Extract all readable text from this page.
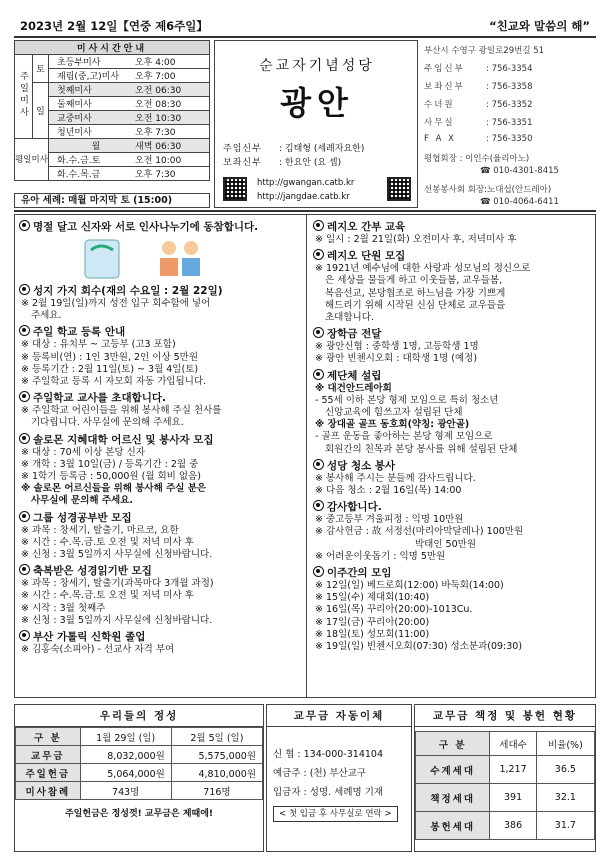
2023년 2월 12일【연중 제6주일】	“친교와 말씀의 해”
미사시간안내		
주일미사	토	초등부미사 오후 4:00
		재림(중,고)미사 오후 7:00
	일	첫째미사 오전 06:30
		둘째미사 오전 08:30
		교중미사 오전 10:30
		청년미사 오후 7:30
평일미사		월 새벽 06:30
		화.수.금.토 오전 10:00
		화.수.목.금 오후 7:30
유아 세례: 매월 마지막 토 (15:00)
순교자기념성당
광안
주임신부 : 김태형 (세례자요한)
보좌신부 : 한요안 (요 셉)
http://gwangan.catb.kr
http://jangdae.catb.kr
부산시 수영구 광일로29번길 51
주임신부 : 756-3354
보좌신부 : 756-3358
수녀원	: 756-3352
사무실	: 756-3351
F A X	: 756-3350
평협회장 : 이인수(율리아노)
☎ 010-4301-8415
선봉봉사회 회장:노대섭(안드레아)
☎ 010-4064-6411
명절 달고 신자와 서로 인사나누기에 동참합니다.
성지 가지 회수(재의 수요일 : 2월 22일)
※ 2월 19일(일)까지 성전 입구 회수함에 넣어
주세요.
주일 학교 등록 안내
※ 대상 : 유치부 ~ 고등부 (고3 포함)
※ 등록비(연) : 1인 3만원, 2인 이상 5만원
※ 등록기간 : 2월 11일(토) ~ 3월 4일(토)
※ 주일학교 등록 시 자모회 자동 가입됩니다.
주일학교 교사를 초대합니다.
※ 주일학교 어린이들을 위해 봉사해 주실 천사를
기다립니다. 사무실에 문의해 주세요.
솔로몬 지혜대학 어르신 및 봉사자 모집
※ 대상 : 70세 이상 본당 신자
※ 개학 : 3월 10일(금) / 등록기간 : 2월 중
※ 1학기 등록금 : 50,000원 (월 회비 없음)
※ 솔로몬 어르신들을 위해 봉사해 주실 분은
사무실에 문의해 주세요.
그룹 성경공부반 모집
※ 과목 : 창세기, 탈출기, 마르코, 요한
※ 시간 : 수.목.금.토 오전 및 저녁 미사 후
※ 신청 : 3월 5일까지 사무실에 신청바랍니다.
축복받은 성경읽기반 모집
※ 과목 : 창세기, 탈출기(과목마다 3개월 과정)
※ 시간 : 수.목.금.토 오전 및 저녁 미사 후
※ 시작 : 3월 첫째주
※ 신청 : 3월 5일까지 사무실에 신청바랍니다.
부산 가톨릭 신학원 졸업
※ 김홍숙(소피아) - 선교사 자격 부여
레지오 간부 교육
※ 일시 : 2월 21일(화) 오전미사 후, 저녁미사 후
레지오 단원 모집
※ 1921년 예수님에 대한 사랑과 성모님의 정신으로
은 세상을 물들게 하고 이웃들봄, 교우들봄,
복음선교, 본당협조로 하느님을 가장 기쁘게
해드리기 위해 시작된 신심 단체로 교우들을
초대합니다.
장학금 전달
※ 광안신협 : 중학생 1명, 고등학생 1명
※ 광안 빈첸시오회 : 대학생 1명 (예정)
제단체 설립
※ 대건안드레아회
- 55세 이하 본당 형제 모임으로 특히 청소년
신앙교육에 힘쓰고자 설립된 단체
※ 장대골 골프 동호회(약칭: 광안골)
- 골프 운동을 좋아하는 본당 형제 모임으로
회원간의 친목과 본당 봉사를 위해 설립된 단체
성당 청소 봉사
※ 봉사해 주시는 분들께 감사드립니다.
※ 다음 청소 : 2월 16일(목) 14:00
감사합니다.
※ 중고등부 겨울피정 : 익명 10만원
※ 감사헌금 : 故 서정선(마리아막달레나) 100만원
박태인 50만원
※ 어려운이웃돕기 : 익명 5만원
이주간의 모임
※ 12일(일) 베드로회(12:00) 바둑회(14:00)
※ 15일(수) 제대회(10:40)
※ 16일(목) 꾸리아(20:00)-1013Cu.
※ 17일(금) 꾸리아(20:00)
※ 18일(토) 성모회(11:00)
※ 19일(일) 빈첸시오회(07:30) 성소분과(09:30)
우리들의 정성
구 분	1월 29일 (일)	2월 5일 (일)
교무금	8,032,000원	5,575,000원
주일헌금	5,064,000원	4,810,000원
미사참례	743명	716명
주일헌금은 정성껏! 교무금은 제때에!
교무금 자동이체
신 협 : 134-000-314104
예금주 : (천) 부산교구
입금자 : 성명. 세례명 기재
< 첫 입금 후 사무실로 연락 >
교무금 책정 및 봉헌 현황
구 분	세대수	비율(%)
수계세대	1,217	36.5
책정세대	391	32.1
봉헌세대	386	31.7
